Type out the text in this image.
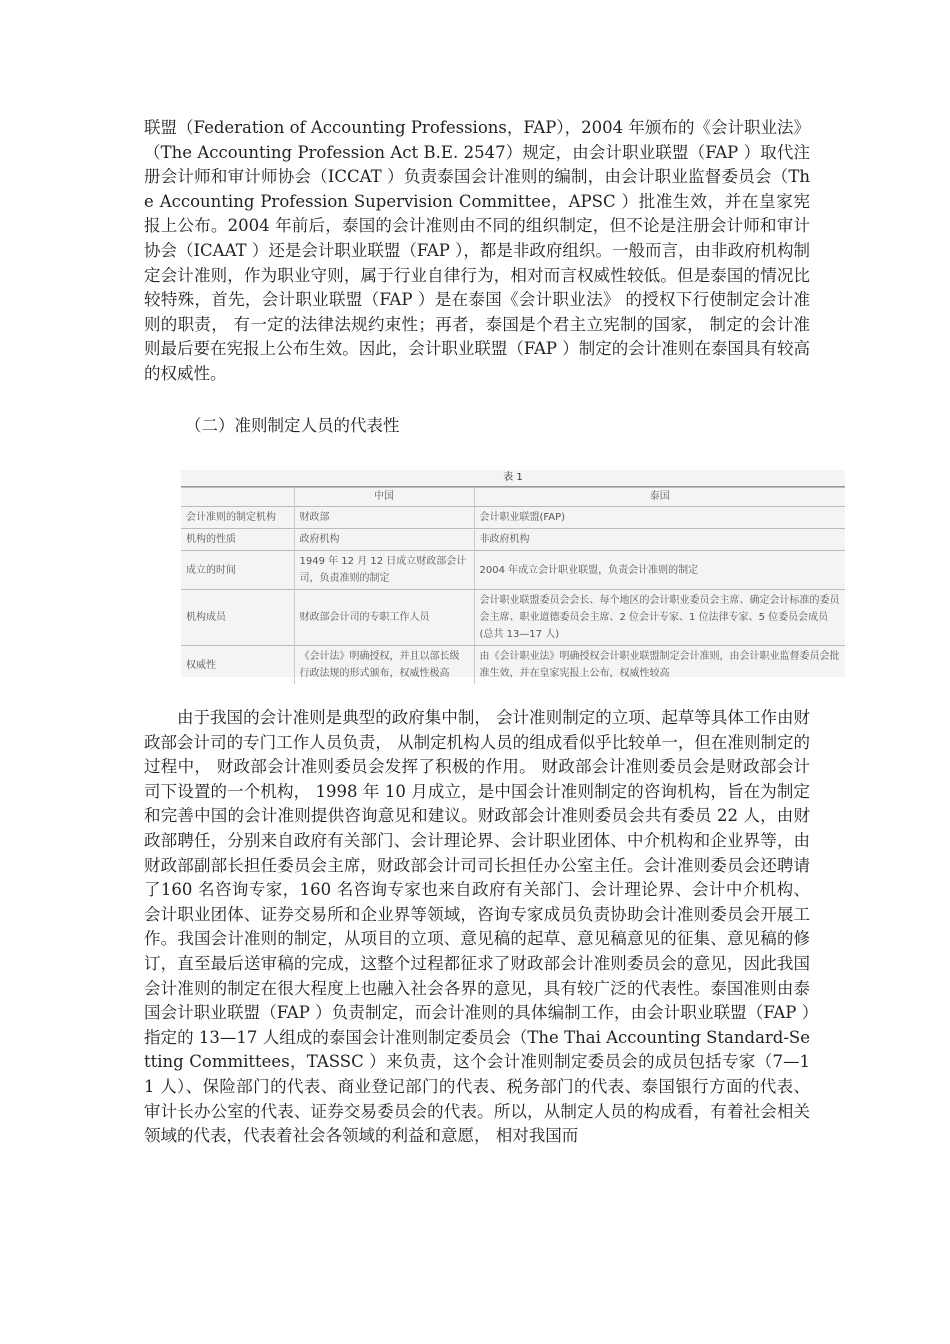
联盟（Federation of Accounting Professions，FAP），2004 年颁布的《会计职业法》（The Accounting Profession Act B.E. 2547）规定，由会计职业联盟（FAP ）取代注册会计师和审计师协会（ICCAT ）负责泰国会计准则的编制，由会计职业监督委员会（The Accounting Profession Supervision Committee，APSC ）批准生效，并在皇家宪报上公布。2004 年前后，泰国的会计准则由不同的组织制定，但不论是注册会计师和审计协会（ICAAT ）还是会计职业联盟（FAP ），都是非政府组织。一般而言，由非政府机构制定会计准则，作为职业守则，属于行业自律行为，相对而言权威性较低。但是泰国的情况比较特殊，首先，会计职业联盟（FAP ）是在泰国《会计职业法》 的授权下行使制定会计准则的职责， 有一定的法律法规约束性；再者，泰国是个君主立宪制的国家， 制定的会计准则最后要在宪报上公布生效。因此，会计职业联盟（FAP ）制定的会计准则在泰国具有较高的权威性。

（二）准则制定人员的代表性

表 1
	中国	泰国
会计准则的制定机构	财政部	会计职业联盟(FAP)
机构的性质	政府机构	非政府机构
成立的时间	1949 年 12 月 12 日成立财政部会计司，负责准则的制定	2004 年成立会计职业联盟，负责会计准则的制定
机构成员	财政部会计司的专职工作人员	会计职业联盟委员会会长、每个地区的会计职业委员会主席、确定会计标准的委员会主席、职业道德委员会主席、2 位会计专家、1 位法律专家、5 位委员会成员(总共 13—17 人)
权威性	《会计法》明确授权，并且以部长级行政法规的形式颁布，权威性极高	由《会计职业法》明确授权会计职业联盟制定会计准则，由会计职业监督委员会批准生效，并在皇家宪报上公布，权威性较高

由于我国的会计准则是典型的政府集中制， 会计准则制定的立项、起草等具体工作由财政部会计司的专门工作人员负责， 从制定机构人员的组成看似乎比较单一，但在准则制定的过程中， 财政部会计准则委员会发挥了积极的作用。 财政部会计准则委员会是财政部会计司下设置的一个机构， 1998 年 10 月成立，是中国会计准则制定的咨询机构，旨在为制定和完善中国的会计准则提供咨询意见和建议。财政部会计准则委员会共有委员 22 人，由财政部聘任，分别来自政府有关部门、会计理论界、会计职业团体、中介机构和企业界等，由财政部副部长担任委员会主席，财政部会计司司长担任办公室主任。会计准则委员会还聘请了160 名咨询专家，160 名咨询专家也来自政府有关部门、会计理论界、会计中介机构、会计职业团体、证券交易所和企业界等领域，咨询专家成员负责协助会计准则委员会开展工作。我国会计准则的制定，从项目的立项、意见稿的起草、意见稿意见的征集、意见稿的修订，直至最后送审稿的完成，这整个过程都征求了财政部会计准则委员会的意见，因此我国会计准则的制定在很大程度上也融入社会各界的意见，具有较广泛的代表性。泰国准则由泰国会计职业联盟（FAP ）负责制定，而会计准则的具体编制工作，由会计职业联盟（FAP ）指定的 13—17 人组成的泰国会计准则制定委员会（The Thai Accounting Standard-Setting Committees，TASSC ）来负责，这个会计准则制定委员会的成员包括专家（7—11 人）、保险部门的代表、商业登记部门的代表、税务部门的代表、泰国银行方面的代表、审计长办公室的代表、证券交易委员会的代表。所以，从制定人员的构成看，有着社会相关领域的代表，代表着社会各领域的利益和意愿， 相对我国而
